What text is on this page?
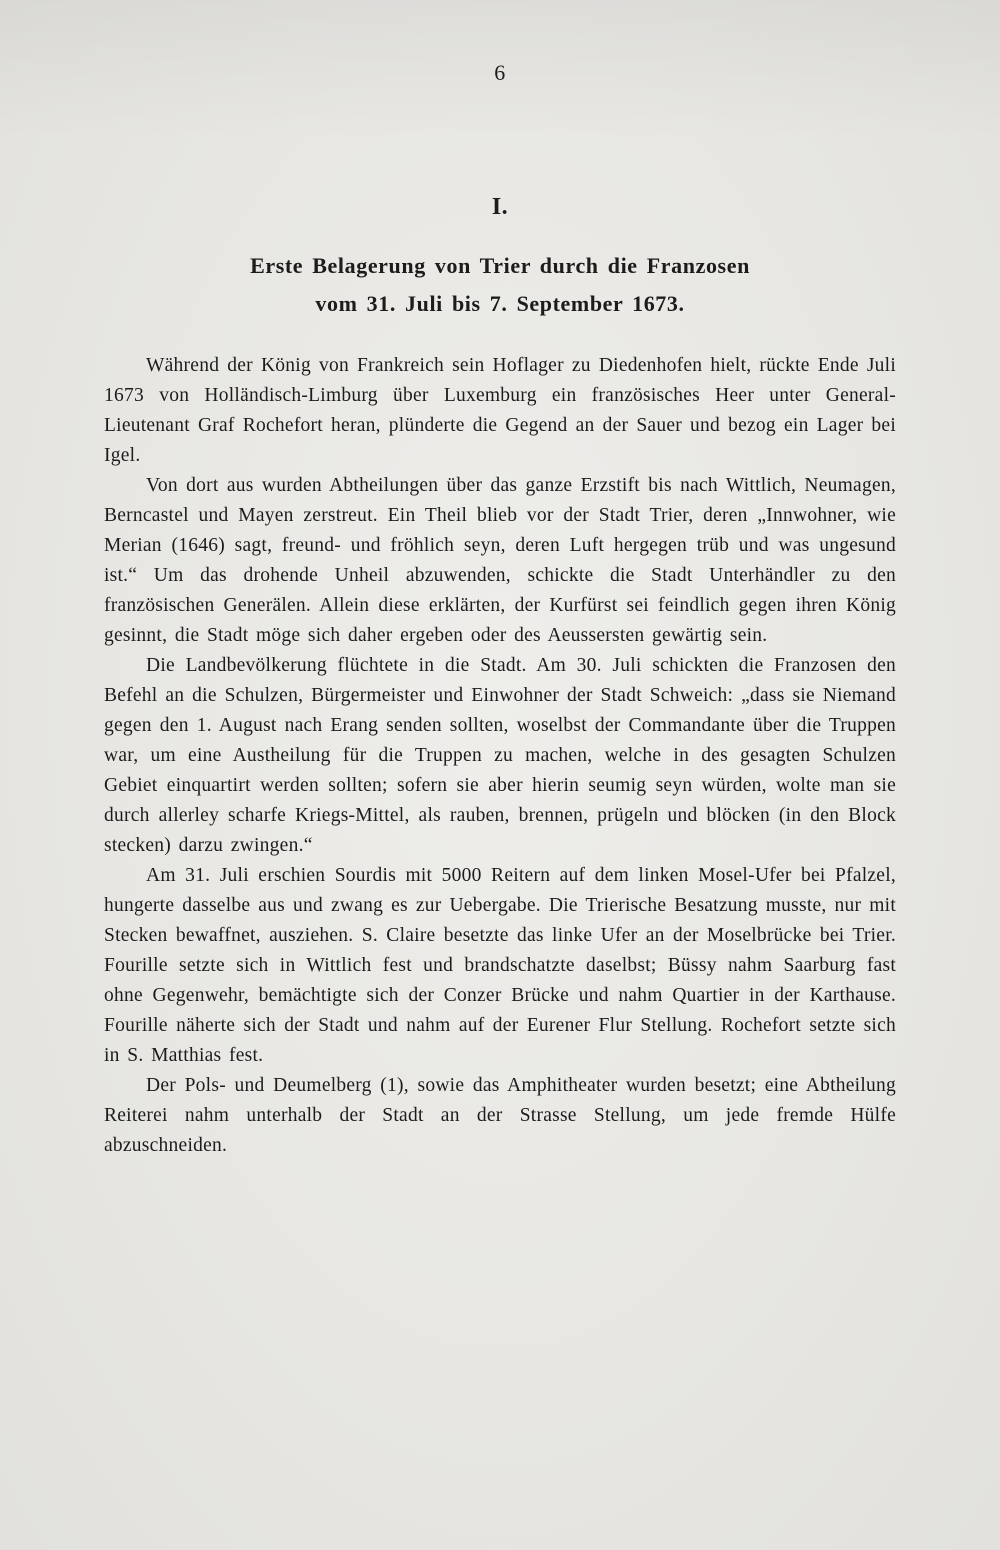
6
I.
Erste Belagerung von Trier durch die Franzosen
vom 31. Juli bis 7. September 1673.

Während der König von Frankreich sein Hoflager zu Diedenhofen hielt, rückte Ende Juli 1673 von Holländisch-Limburg über Luxemburg ein französisches Heer unter General-Lieutenant Graf Rochefort heran, plünderte die Gegend an der Sauer und bezog ein Lager bei Igel.

Von dort aus wurden Abtheilungen über das ganze Erzstift bis nach Wittlich, Neumagen, Berncastel und Mayen zerstreut. Ein Theil blieb vor der Stadt Trier, deren „Innwohner, wie Merian (1646) sagt, freund- und fröhlich seyn, deren Luft hergegen trüb und was ungesund ist.“ Um das drohende Unheil abzuwenden, schickte die Stadt Unterhändler zu den französischen Generälen. Allein diese erklärten, der Kurfürst sei feindlich gegen ihren König gesinnt, die Stadt möge sich daher ergeben oder des Aeussersten gewärtig sein.

Die Landbevölkerung flüchtete in die Stadt. Am 30. Juli schickten die Franzosen den Befehl an die Schulzen, Bürgermeister und Einwohner der Stadt Schweich: „dass sie Niemand gegen den 1. August nach Erang senden sollten, woselbst der Commandante über die Truppen war, um eine Austheilung für die Truppen zu machen, welche in des gesagten Schulzen Gebiet einquartirt werden sollten; sofern sie aber hierin seumig seyn würden, wolte man sie durch allerley scharfe Kriegs-Mittel, als rauben, brennen, prügeln und blöcken (in den Block stecken) darzu zwingen.“

Am 31. Juli erschien Sourdis mit 5000 Reitern auf dem linken Mosel-Ufer bei Pfalzel, hungerte dasselbe aus und zwang es zur Uebergabe. Die Trierische Besatzung musste, nur mit Stecken bewaffnet, ausziehen. S. Claire besetzte das linke Ufer an der Moselbrücke bei Trier. Fourille setzte sich in Wittlich fest und brandschatzte daselbst; Büssy nahm Saarburg fast ohne Gegenwehr, bemächtigte sich der Conzer Brücke und nahm Quartier in der Karthause. Fourille näherte sich der Stadt und nahm auf der Eurener Flur Stellung. Rochefort setzte sich in S. Matthias fest.

Der Pols- und Deumelberg (1), sowie das Amphitheater wurden besetzt; eine Abtheilung Reiterei nahm unterhalb der Stadt an der Strasse Stellung, um jede fremde Hülfe abzuschneiden.
